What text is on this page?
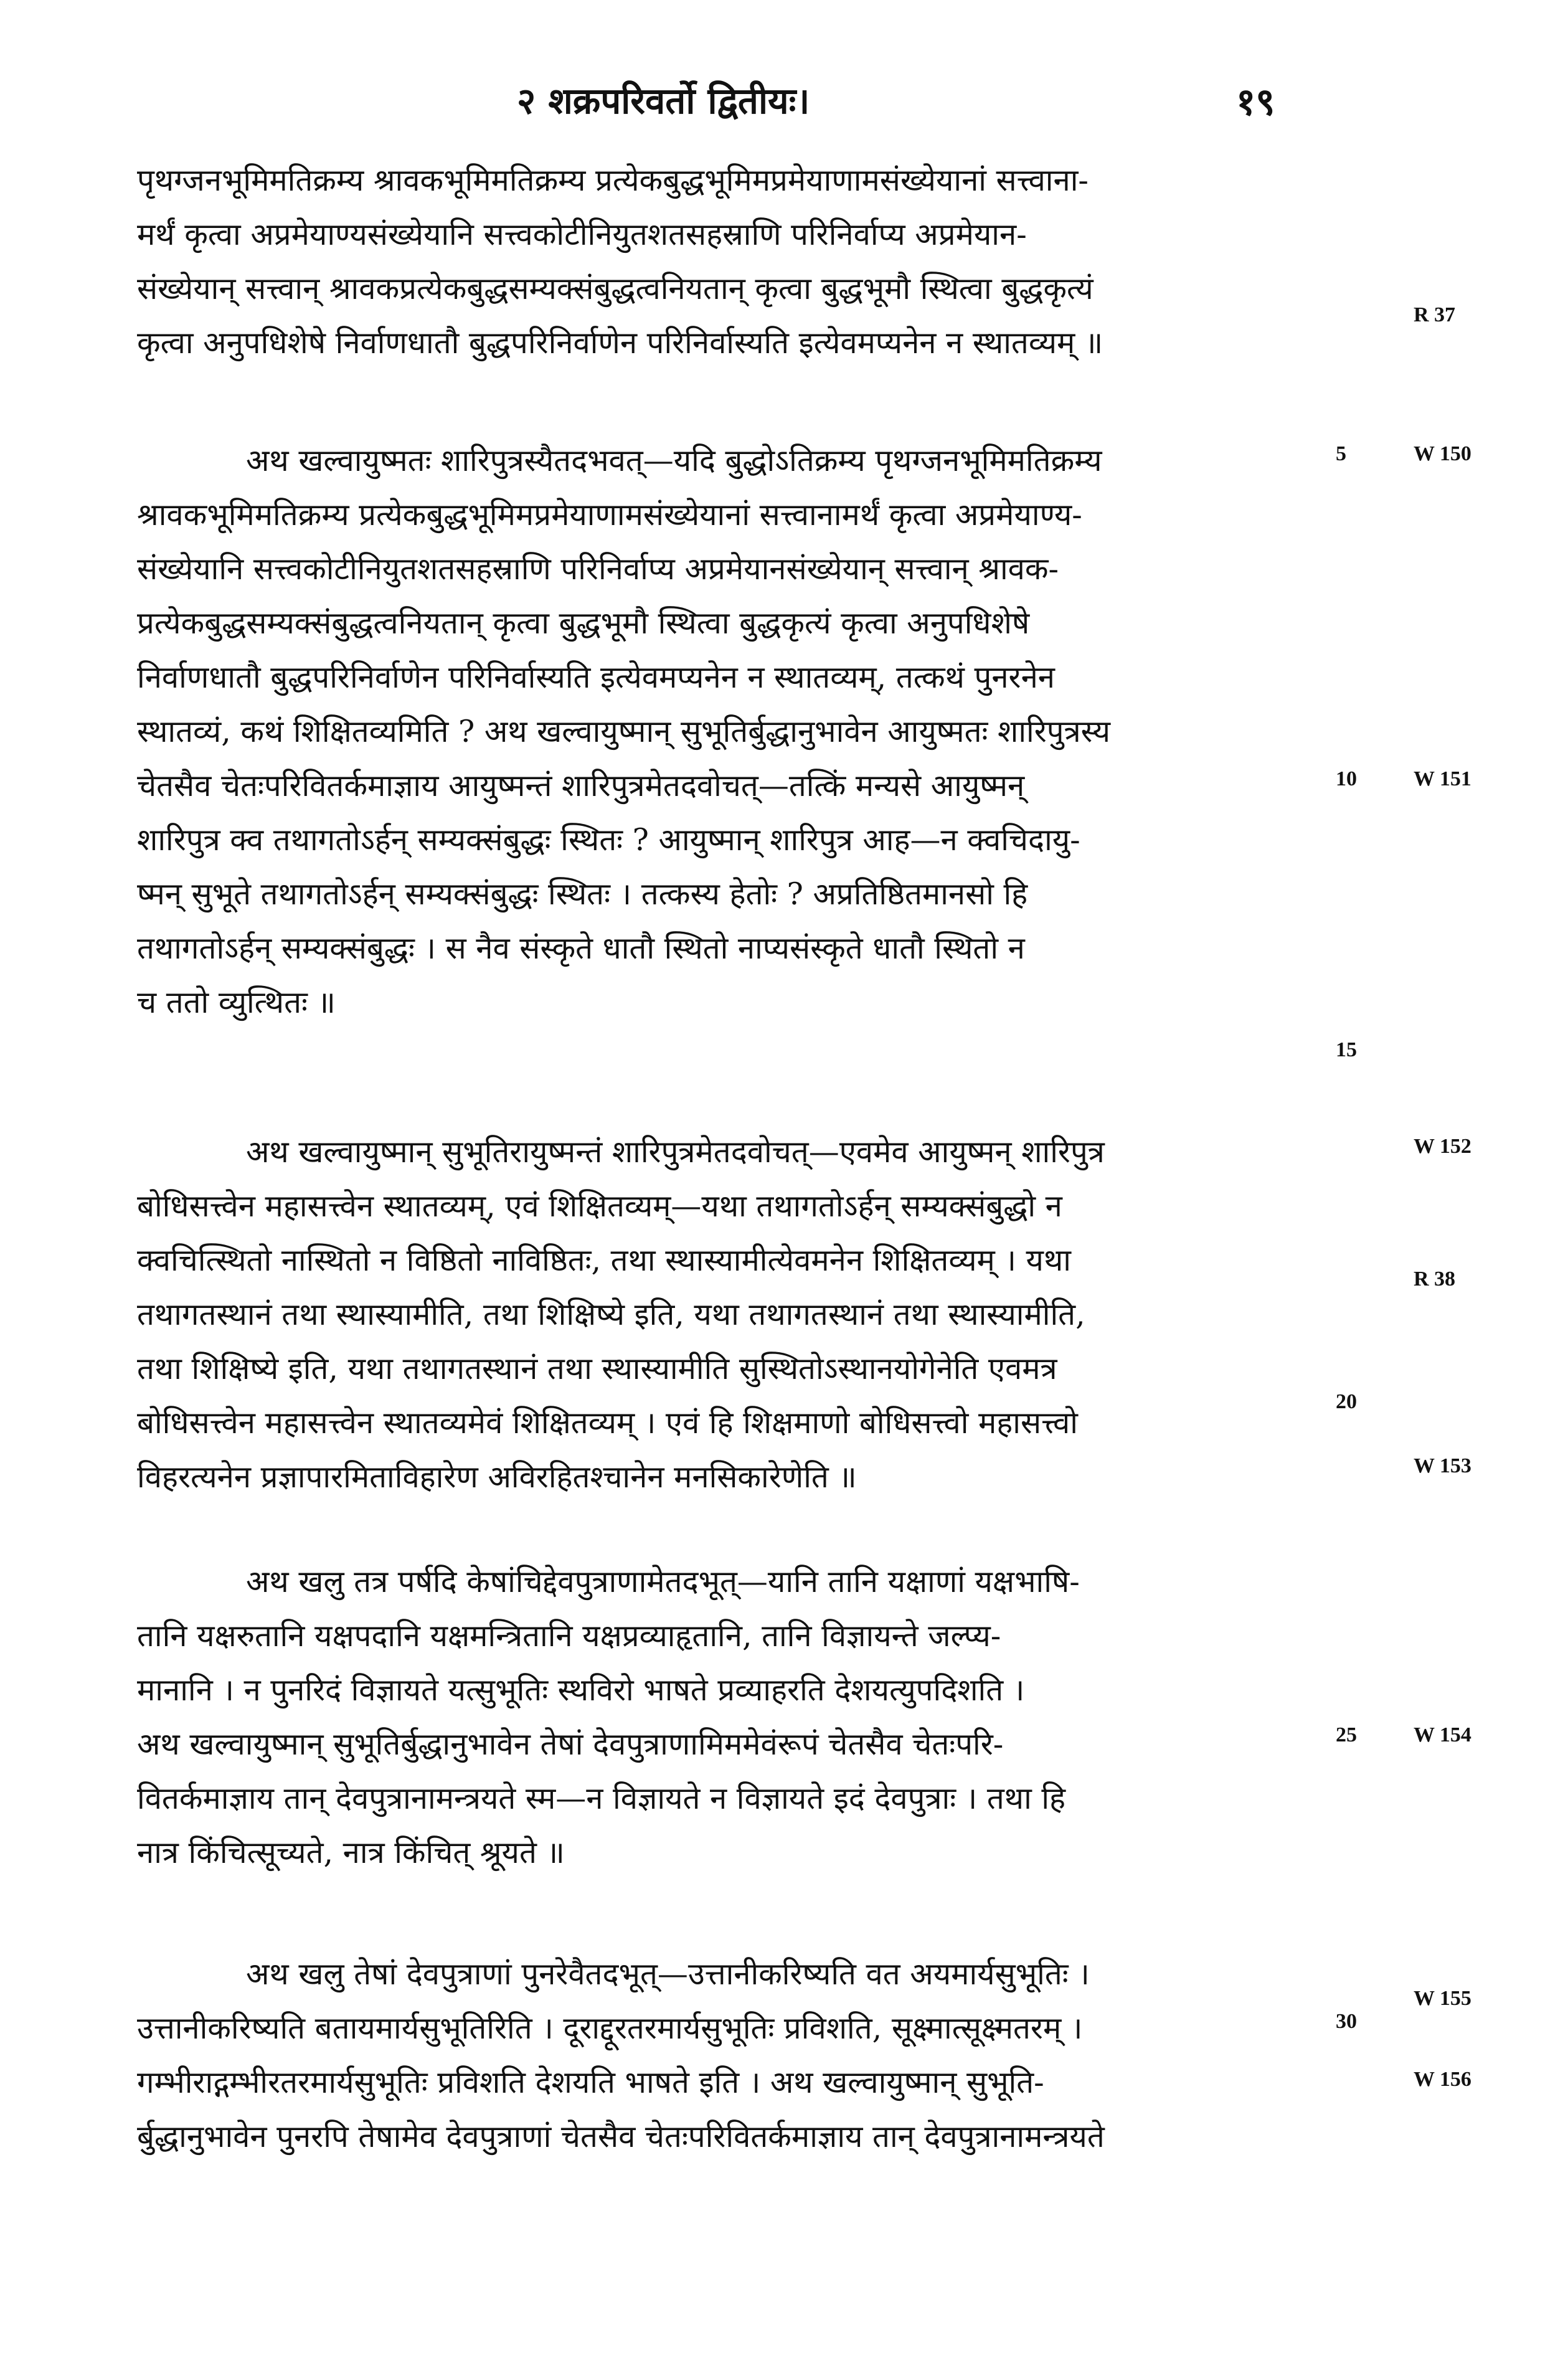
२ शक्रपरिवर्तो द्वितीयः।	१९
पृथग्जनभूमिमतिक्रम्य श्रावकभूमिमतिक्रम्य प्रत्येकबुद्धभूमिमप्रमेयाणामसंख्येयानां सत्त्वाना-
मर्थं कृत्वा अप्रमेयाण्यसंख्येयानि सत्त्वकोटीनियुतशतसहस्राणि परिनिर्वाप्य अप्रमेयान-
संख्येयान् सत्त्वान् श्रावकप्रत्येकबुद्धसम्यक्संबुद्धत्वनियतान् कृत्वा बुद्धभूमौ स्थित्वा बुद्धकृत्यं
कृत्वा अनुपधिशेषे निर्वाणधातौ बुद्धपरिनिर्वाणेन परिनिर्वास्यति इत्येवमप्यनेन न स्थातव्यम् ॥
अथ खल्वायुष्मतः शारिपुत्रस्यैतदभवत्—यदि बुद्धोऽतिक्रम्य पृथग्जनभूमिमतिक्रम्य
श्रावकभूमिमतिक्रम्य प्रत्येकबुद्धभूमिमप्रमेयाणामसंख्येयानां सत्त्वानामर्थं कृत्वा अप्रमेयाण्य-
संख्येयानि सत्त्वकोटीनियुतशतसहस्राणि परिनिर्वाप्य अप्रमेयानसंख्येयान् सत्त्वान् श्रावक-
प्रत्येकबुद्धसम्यक्संबुद्धत्वनियतान् कृत्वा बुद्धभूमौ स्थित्वा बुद्धकृत्यं कृत्वा अनुपधिशेषे
निर्वाणधातौ बुद्धपरिनिर्वाणेन परिनिर्वास्यति इत्येवमप्यनेन न स्थातव्यम्, तत्कथं पुनरनेन
स्थातव्यं, कथं शिक्षितव्यमिति ? अथ खल्वायुष्मान् सुभूतिर्बुद्धानुभावेन आयुष्मतः शारिपुत्रस्य
चेतसैव चेतःपरिवितर्कमाज्ञाय आयुष्मन्तं शारिपुत्रमेतदवोचत्—तत्किं मन्यसे आयुष्मन्
शारिपुत्र क्व तथागतोऽर्हन् सम्यक्संबुद्धः स्थितः ? आयुष्मान् शारिपुत्र आह—न क्वचिदायु-
ष्मन् सुभूते तथागतोऽर्हन् सम्यक्संबुद्धः स्थितः । तत्कस्य हेतोः ? अप्रतिष्ठितमानसो हि
तथागतोऽर्हन् सम्यक्संबुद्धः । स नैव संस्कृते धातौ स्थितो नाप्यसंस्कृते धातौ स्थितो न
च ततो व्युत्थितः ॥
अथ खल्वायुष्मान् सुभूतिरायुष्मन्तं शारिपुत्रमेतदवोचत्—एवमेव आयुष्मन् शारिपुत्र
बोधिसत्त्वेन महासत्त्वेन स्थातव्यम्, एवं शिक्षितव्यम्—यथा तथागतोऽर्हन् सम्यक्संबुद्धो न
क्वचित्स्थितो नास्थितो न विष्ठितो नाविष्ठितः, तथा स्थास्यामीत्येवमनेन शिक्षितव्यम् । यथा
तथागतस्थानं तथा स्थास्यामीति, तथा शिक्षिष्ये इति, यथा तथागतस्थानं तथा स्थास्यामीति,
तथा शिक्षिष्ये इति, यथा तथागतस्थानं तथा स्थास्यामीति सुस्थितोऽस्थानयोगेनेति एवमत्र
बोधिसत्त्वेन महासत्त्वेन स्थातव्यमेवं शिक्षितव्यम् । एवं हि शिक्षमाणो बोधिसत्त्वो महासत्त्वो
विहरत्यनेन प्रज्ञापारमिताविहारेण अविरहितश्चानेन मनसिकारेणेति ॥
अथ खलु तत्र पर्षदि केषांचिद्देवपुत्राणामेतदभूत्—यानि तानि यक्षाणां यक्षभाषि-
तानि यक्षरुतानि यक्षपदानि यक्षमन्त्रितानि यक्षप्रव्याहृतानि, तानि विज्ञायन्ते जल्प्य-
मानानि । न पुनरिदं विज्ञायते यत्सुभूतिः स्थविरो भाषते प्रव्याहरति देशयत्युपदिशति ।
अथ खल्वायुष्मान् सुभूतिर्बुद्धानुभावेन तेषां देवपुत्राणामिममेवंरूपं चेतसैव चेतःपरि-
वितर्कमाज्ञाय तान् देवपुत्रानामन्त्रयते स्म—न विज्ञायते न विज्ञायते इदं देवपुत्राः । तथा हि
नात्र किंचित्सूच्यते, नात्र किंचित् श्रूयते ॥
अथ खलु तेषां देवपुत्राणां पुनरेवैतदभूत्—उत्तानीकरिष्यति वत अयमार्यसुभूतिः ।
उत्तानीकरिष्यति बतायमार्यसुभूतिरिति । दूराद्दूरतरमार्यसुभूतिः प्रविशति, सूक्ष्मात्सूक्ष्मतरम् ।
गम्भीराद्गम्भीरतरमार्यसुभूतिः प्रविशति देशयति भाषते इति । अथ खल्वायुष्मान् सुभूति-
र्बुद्धानुभावेन पुनरपि तेषामेव देवपुत्राणां चेतसैव चेतःपरिवितर्कमाज्ञाय तान् देवपुत्रानामन्त्रयते
5
10
15
20
25
30
R 37
W 150
W 151
W 152
R 38
W 153
W 154
W 155
W 156
